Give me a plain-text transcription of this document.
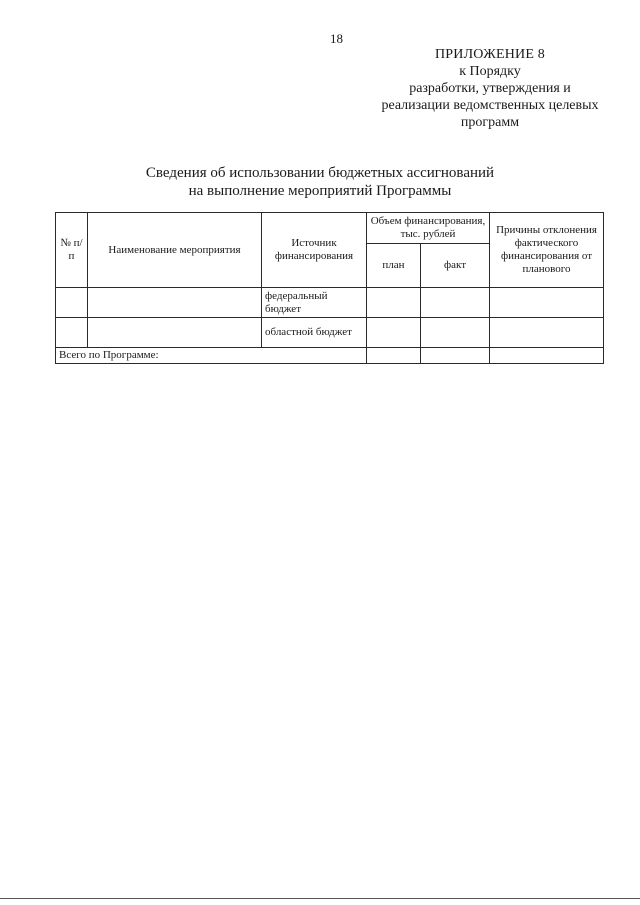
18
ПРИЛОЖЕНИЕ 8
к Порядку
разработки, утверждения и
реализации ведомственных целевых
программ
Сведения об использовании бюджетных ассигнований
на выполнение мероприятий Программы
№ п/п	Наименование мероприятия	Источник финансирования	Объем финансирования, тыс. рублей		Причины отклонения фактического финансирования от планового
			план	факт	
		федеральный бюджет			
		областной бюджет			
Всего по Программе:					
